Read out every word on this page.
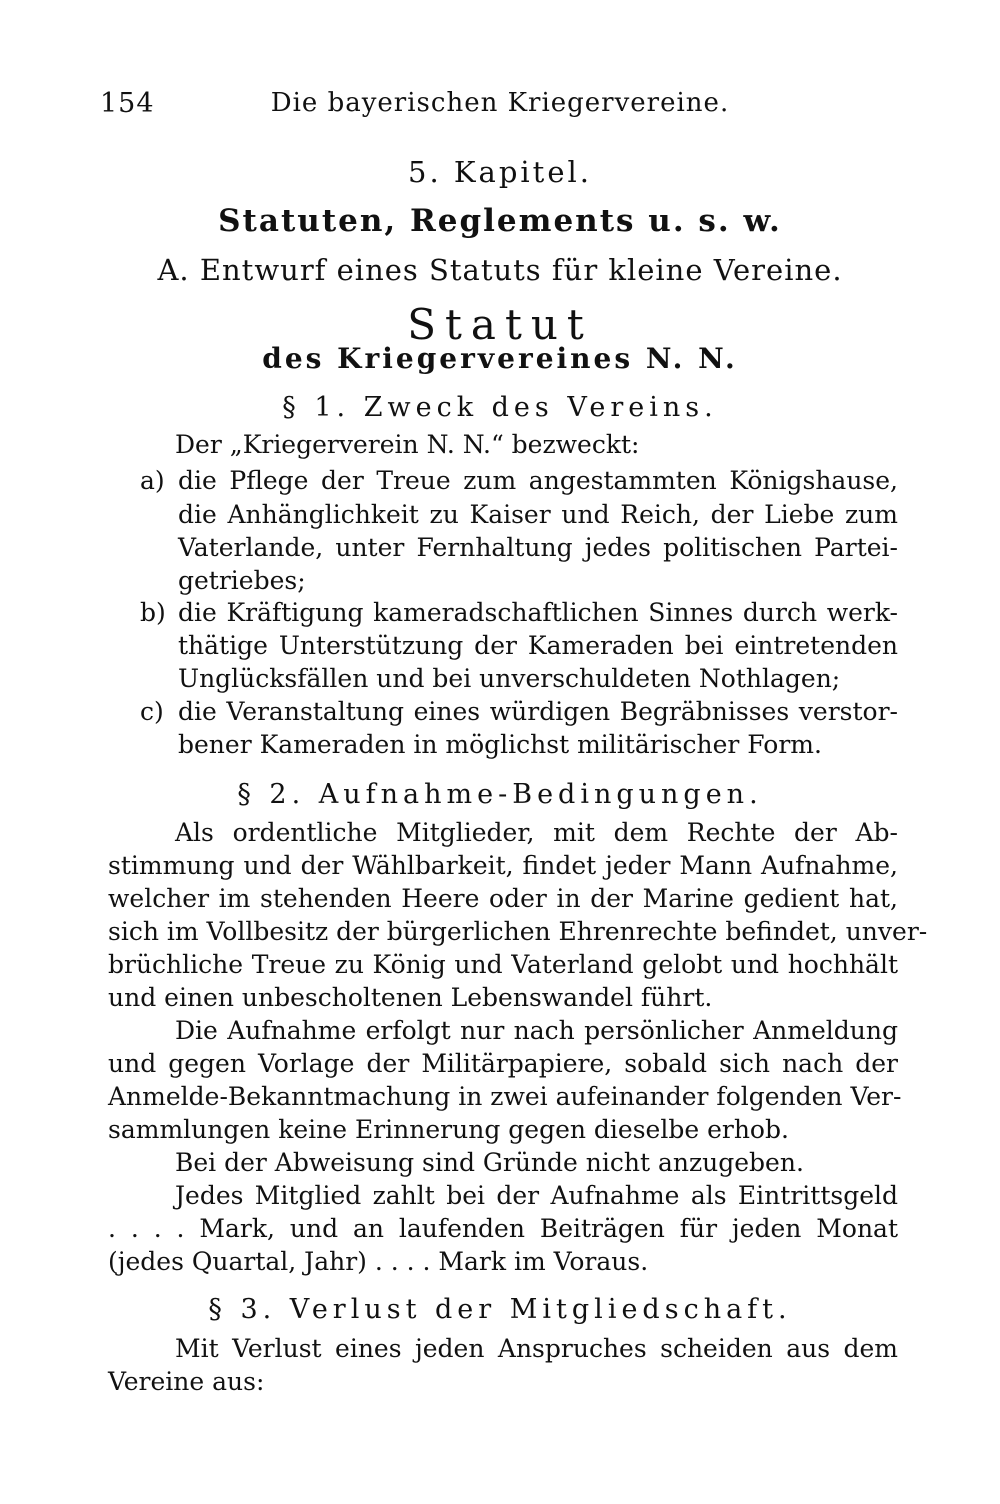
154	Die bayerischen Kriegervereine.
5. Kapitel.
Statuten, Reglements u. s. w.
A. Entwurf eines Statuts für kleine Vereine.
Statut
des Kriegervereines N. N.
§ 1. Zweck des Vereins.
Der „Kriegerverein N. N.“ bezweckt:
a) die Pflege der Treue zum angestammten Königshause,
die Anhänglichkeit zu Kaiser und Reich, der Liebe zum
Vaterlande, unter Fernhaltung jedes politischen Partei-
getriebes;
b) die Kräftigung kameradschaftlichen Sinnes durch werk-
thätige Unterstützung der Kameraden bei eintretenden
Unglücksfällen und bei unverschuldeten Nothlagen;
c) die Veranstaltung eines würdigen Begräbnisses verstor-
bener Kameraden in möglichst militärischer Form.
§ 2. Aufnahme-Bedingungen.
Als ordentliche Mitglieder, mit dem Rechte der Ab-
stimmung und der Wählbarkeit, findet jeder Mann Aufnahme,
welcher im stehenden Heere oder in der Marine gedient hat,
sich im Vollbesitz der bürgerlichen Ehrenrechte befindet, unver-
brüchliche Treue zu König und Vaterland gelobt und hochhält
und einen unbescholtenen Lebenswandel führt.
Die Aufnahme erfolgt nur nach persönlicher Anmeldung
und gegen Vorlage der Militärpapiere, sobald sich nach der
Anmelde-Bekanntmachung in zwei aufeinander folgenden Ver-
sammlungen keine Erinnerung gegen dieselbe erhob.
Bei der Abweisung sind Gründe nicht anzugeben.
Jedes Mitglied zahlt bei der Aufnahme als Eintrittsgeld
. . . . Mark, und an laufenden Beiträgen für jeden Monat
(jedes Quartal, Jahr) . . . . Mark im Voraus.
§ 3. Verlust der Mitgliedschaft.
Mit Verlust eines jeden Anspruches scheiden aus dem
Vereine aus:
